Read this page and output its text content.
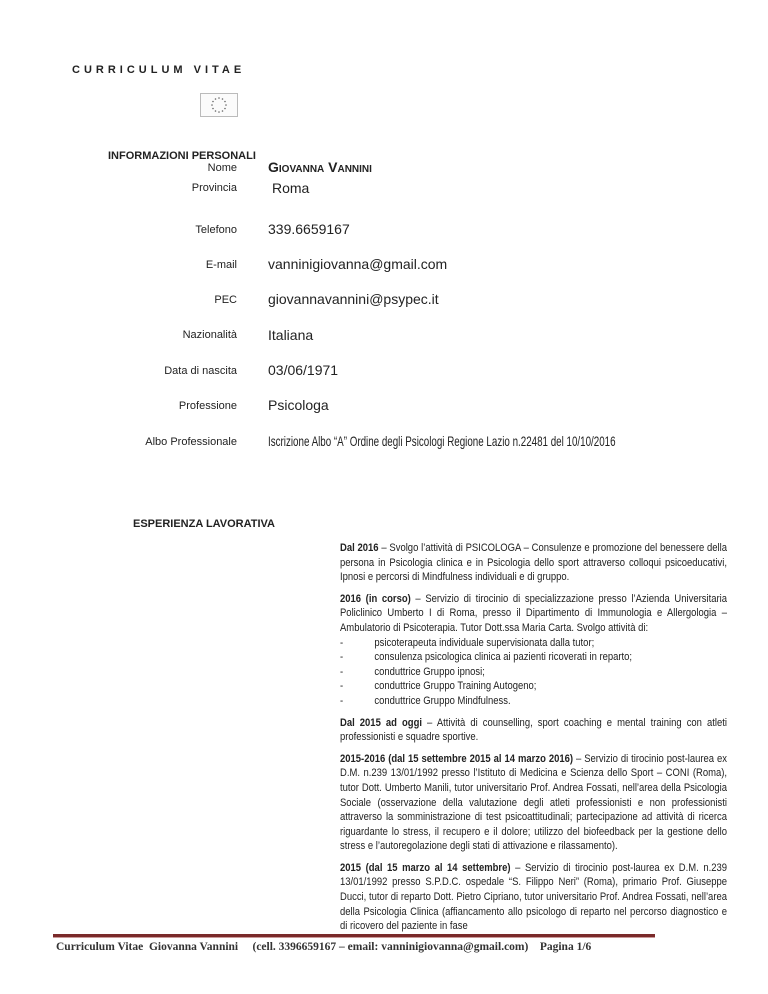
CURRICULUM VITAE
INFORMAZIONI PERSONALI
Nome Giovanna Vannini
Provincia	Roma
Telefono 339.6659167
E-mail vanninigiovanna@gmail.com
PEC giovannavannini@psypec.it
Nazionalità Italiana
Data di nascita 03/06/1971
Professione Psicologa
Albo Professionale Iscrizione Albo “A” Ordine degli Psicologi Regione Lazio n.22481 del 10/10/2016
ESPERIENZA LAVORATIVA

Dal 2016 – Svolgo l’attività di PSICOLOGA – Consulenze e promozione del benessere della persona in Psicologia clinica e in Psicologia dello sport attraverso colloqui psicoeducativi, Ipnosi e percorsi di Mindfulness individuali e di gruppo.

2016 (in corso) – Servizio di tirocinio di specializzazione presso l’Azienda Universitaria Policlinico Umberto I di Roma, presso il Dipartimento di Immunologia e Allergologia – Ambulatorio di Psicoterapia. Tutor Dott.ssa Maria Carta. Svolgo attività di:
- psicoterapeuta individuale supervisionata dalla tutor;
- consulenza psicologica clinica ai pazienti ricoverati in reparto;
- conduttrice Gruppo ipnosi;
- conduttrice Gruppo Training Autogeno;
- conduttrice Gruppo Mindfulness.

Dal 2015 ad oggi – Attività di counselling, sport coaching e mental training con atleti professionisti e squadre sportive.

2015-2016 (dal 15 settembre 2015 al 14 marzo 2016) – Servizio di tirocinio post-laurea ex D.M. n.239 13/01/1992 presso l’Istituto di Medicina e Scienza dello Sport – CONI (Roma), tutor Dott. Umberto Manili, tutor universitario Prof. Andrea Fossati, nell’area della Psicologia Sociale (osservazione della valutazione degli atleti professionisti e non professionisti attraverso la somministrazione di test psicoattitudinali; partecipazione ad attività di ricerca riguardante lo stress, il recupero e il dolore; utilizzo del biofeedback per la gestione dello stress e l’autoregolazione degli stati di attivazione e rilassamento).

2015 (dal 15 marzo al 14 settembre) – Servizio di tirocinio post-laurea ex D.M. n.239 13/01/1992 presso S.P.D.C. ospedale “S. Filippo Neri” (Roma), primario Prof. Giuseppe Ducci, tutor di reparto Dott. Pietro Cipriano, tutor universitario Prof. Andrea Fossati, nell’area della Psicologia Clinica (affiancamento allo psicologo di reparto nel percorso diagnostico e di ricovero del paziente in fase

Curriculum Vitae  Giovanna Vannini (cell. 3396659167 – email: vanninigiovanna@gmail.com) Pagina 1/6
